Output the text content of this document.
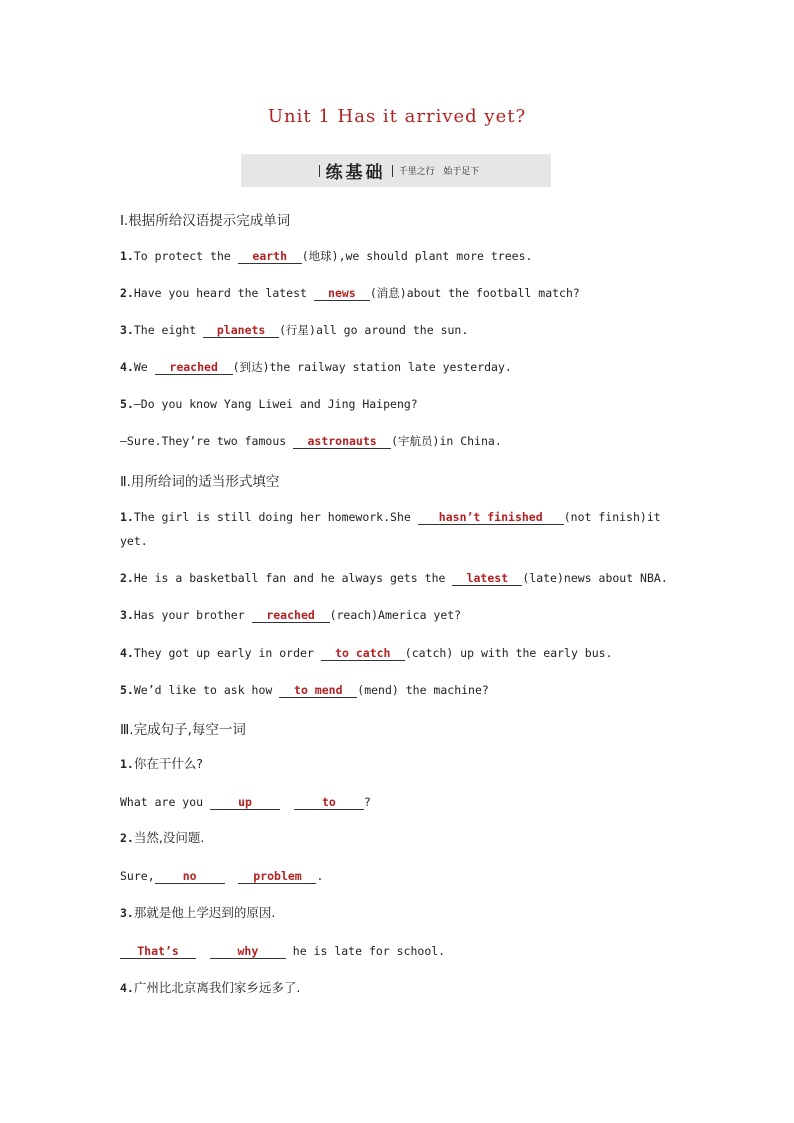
Unit 1 Has it arrived yet?
练基础 千里之行 始于足下
Ⅰ.根据所给汉语提示完成单词
1.To protect the earth (地球),we should plant more trees.
2.Have you heard the latest news (消息)about the football match?
3.The eight planets (行星)all go around the sun.
4.We reached (到达)the railway station late yesterday.
5.—Do you know Yang Liwei and Jing Haipeng?
—Sure.They’re two famous astronauts (宇航员)in China.
Ⅱ.用所给词的适当形式填空
1.The girl is still doing her homework.She hasn’t finished (not finish)it
yet.
2.He is a basketball fan and he always gets the latest (late)news about NBA.
3.Has your brother reached (reach)America yet?
4.They got up early in order to catch (catch) up with the early bus.
5.We’d like to ask how to mend (mend) the machine?
Ⅲ.完成句子,每空一词
1.你在干什么?
What are you up	to ?
2.当然,没问题.
Sure, no	problem .
3.那就是他上学迟到的原因.
That’s	why he is late for school.
4.广州比北京离我们家乡远多了.
